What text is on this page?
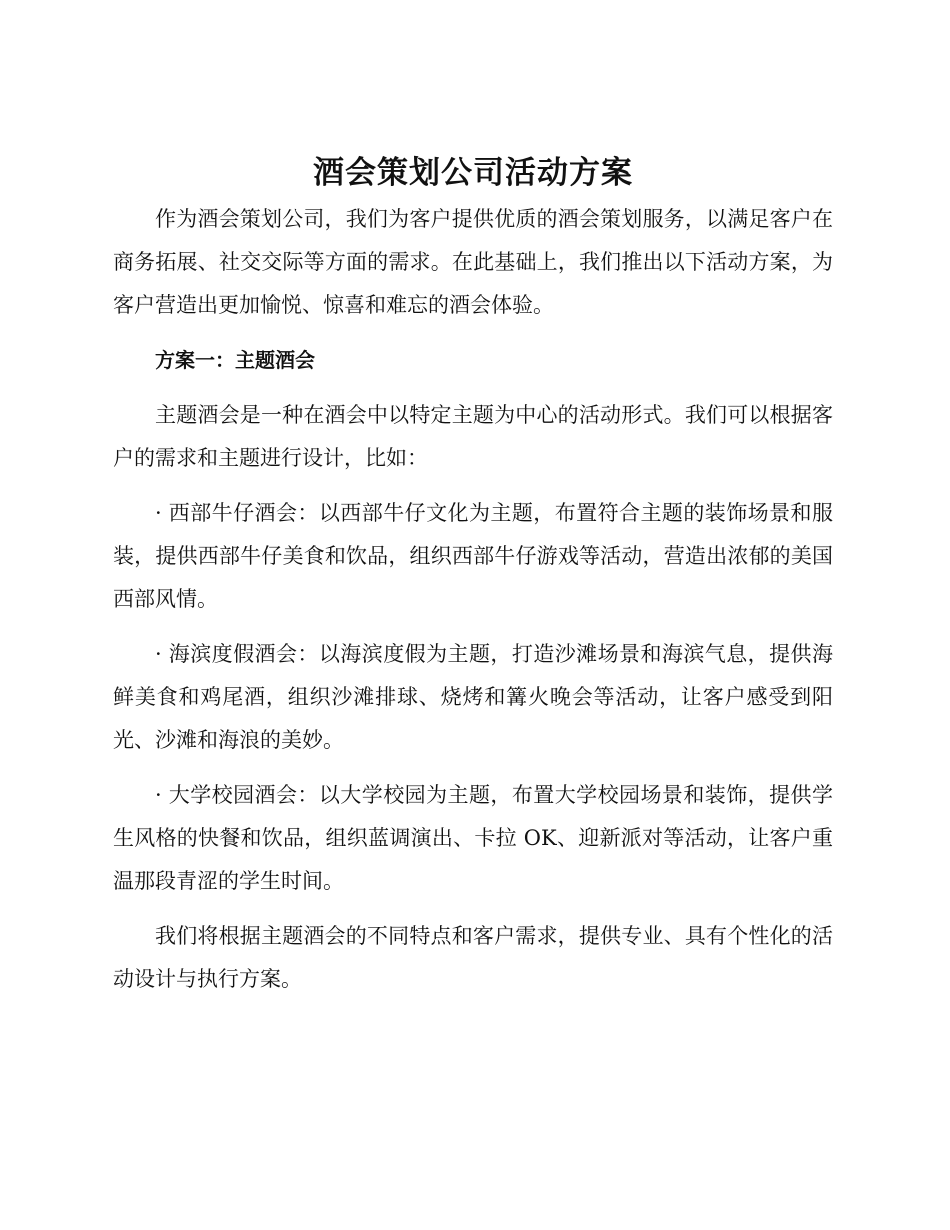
酒会策划公司活动方案

作为酒会策划公司，我们为客户提供优质的酒会策划服务，以满足客户在商务拓展、社交交际等方面的需求。在此基础上，我们推出以下活动方案，为客户营造出更加愉悦、惊喜和难忘的酒会体验。

方案一：主题酒会

主题酒会是一种在酒会中以特定主题为中心的活动形式。我们可以根据客户的需求和主题进行设计，比如：

· 西部牛仔酒会：以西部牛仔文化为主题，布置符合主题的装饰场景和服装，提供西部牛仔美食和饮品，组织西部牛仔游戏等活动，营造出浓郁的美国西部风情。

· 海滨度假酒会：以海滨度假为主题，打造沙滩场景和海滨气息，提供海鲜美食和鸡尾酒，组织沙滩排球、烧烤和篝火晚会等活动，让客户感受到阳光、沙滩和海浪的美妙。

· 大学校园酒会：以大学校园为主题，布置大学校园场景和装饰，提供学生风格的快餐和饮品，组织蓝调演出、卡拉 OK、迎新派对等活动，让客户重温那段青涩的学生时间。

我们将根据主题酒会的不同特点和客户需求，提供专业、具有个性化的活动设计与执行方案。
